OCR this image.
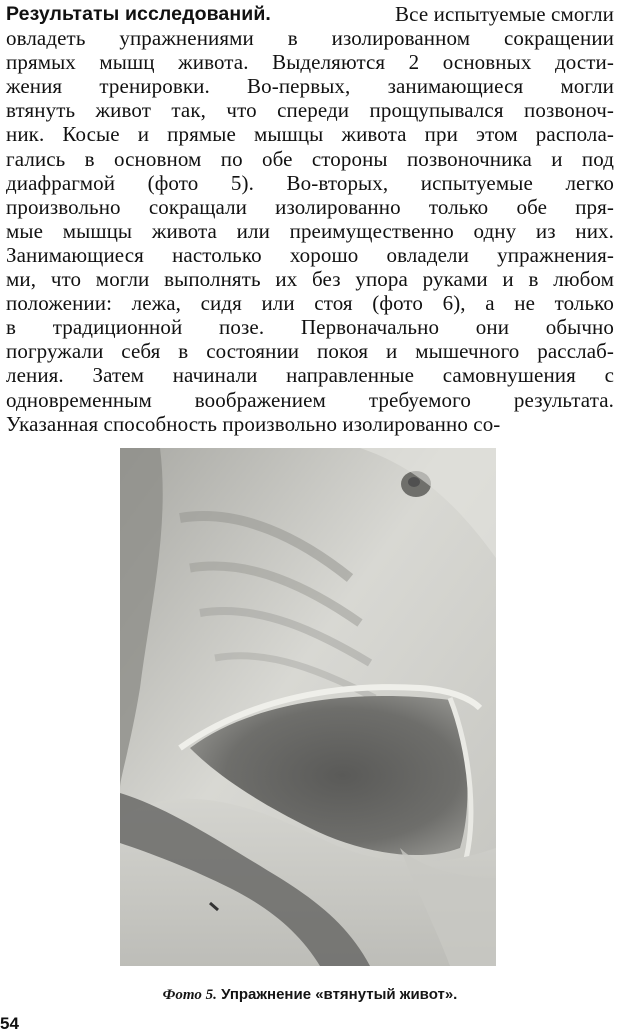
Результаты исследований.	Все испытуемые смогли
овладеть упражнениями в изолированном сокращении
прямых мышц живота. Выделяются 2 основных дости-
жения тренировки. Во-первых, занимающиеся могли
втянуть живот так, что спереди прощупывался позвоноч-
ник. Косые и прямые мышцы живота при этом распола-
гались в основном по обе стороны позвоночника и под
диафрагмой (фото 5). Во-вторых, испытуемые легко
произвольно сокращали изолированно только обе пря-
мые мышцы живота или преимущественно одну из них.
Занимающиеся настолько хорошо овладели упражнения-
ми, что могли выполнять их без упора руками и в любом
положении: лежа, сидя или стоя (фото 6), а не только
в традиционной позе. Первоначально они обычно
погружали себя в состоянии покоя и мышечного расслаб-
ления. Затем начинали направленные самовнушения с
одновременным воображением требуемого результата.
Указанная способность произвольно изолированно со-
Фото 5. Упражнение «втянутый живот».
54
